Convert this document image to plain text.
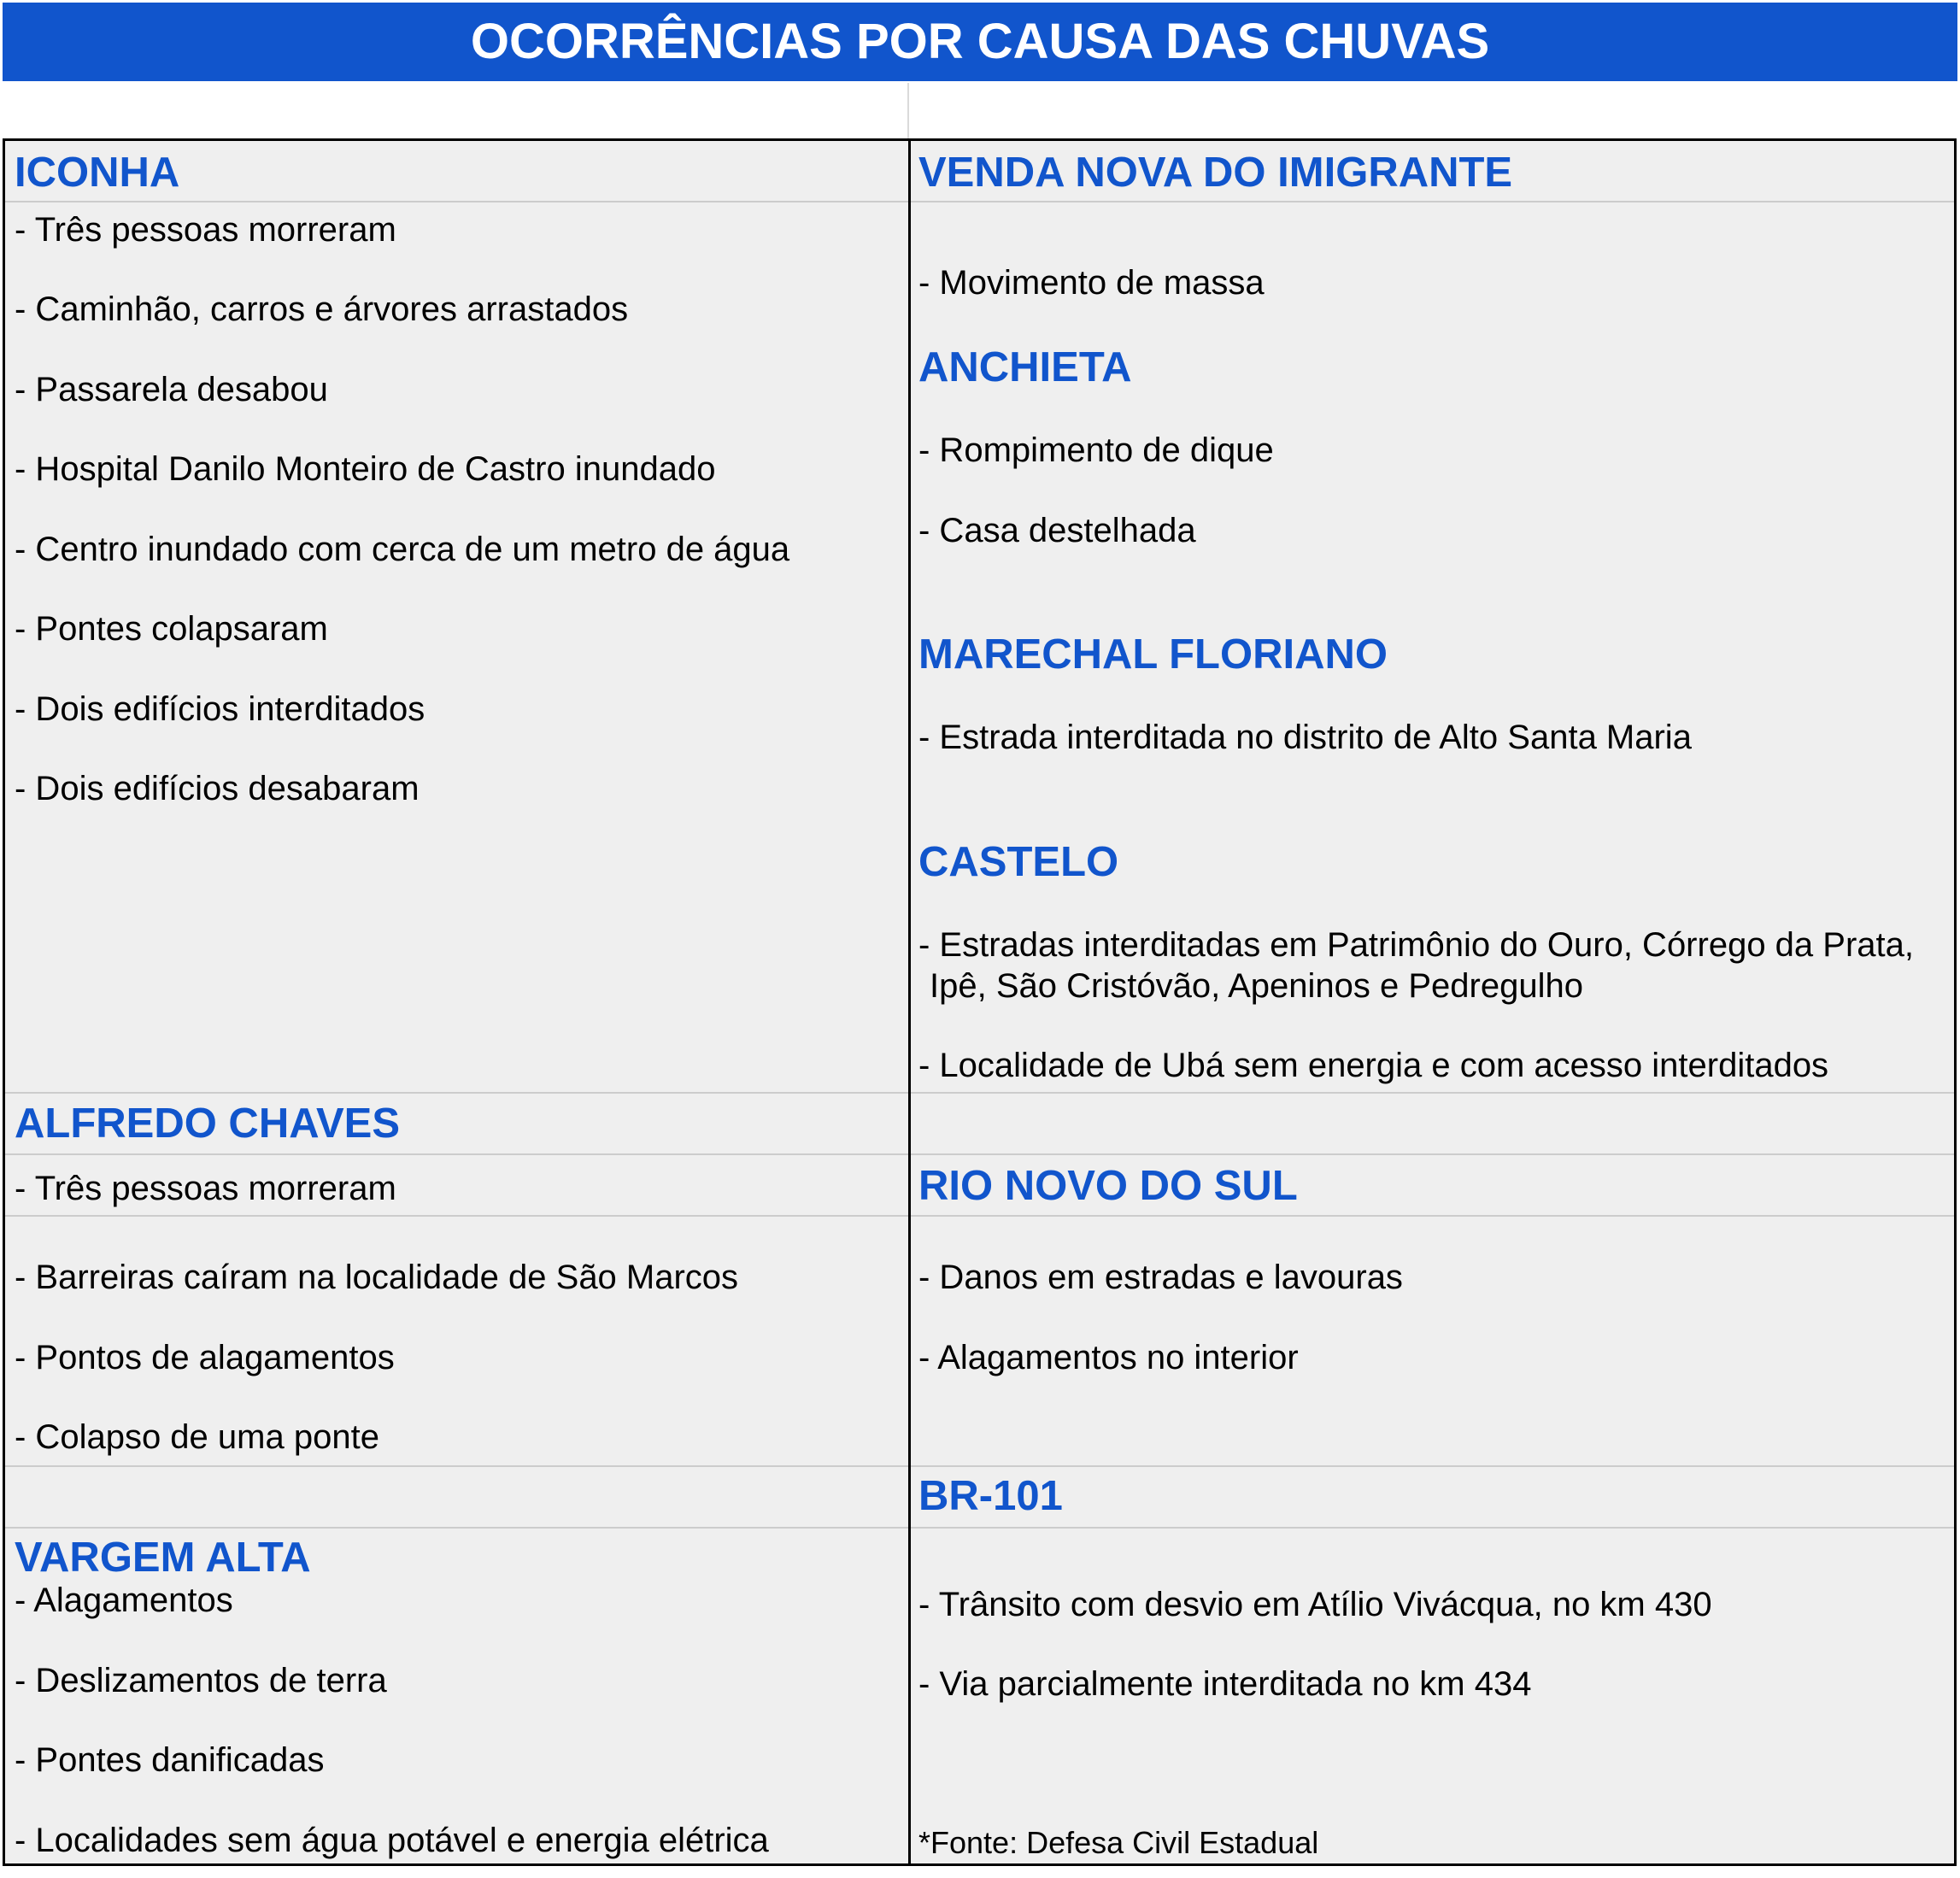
OCORRÊNCIAS POR CAUSA DAS CHUVAS
ICONHA
- Três pessoas morreram
- Caminhão, carros e árvores arrastados
- Passarela desabou
- Hospital Danilo Monteiro de Castro inundado
- Centro inundado com cerca de um metro de água
- Pontes colapsaram
- Dois edifícios interditados
- Dois edifícios desabaram
ALFREDO CHAVES
- Três pessoas morreram
- Barreiras caíram na localidade de São Marcos
- Pontos de alagamentos
- Colapso de uma ponte
VARGEM ALTA
- Alagamentos
- Deslizamentos de terra
- Pontes danificadas
- Localidades sem água potável e energia elétrica
VENDA NOVA DO IMIGRANTE
- Movimento de massa
ANCHIETA
- Rompimento de dique
- Casa destelhada
MARECHAL FLORIANO
- Estrada interditada no distrito de Alto Santa Maria
CASTELO
- Estradas interditadas em Patrimônio do Ouro, Córrego da Prata,
Ipê, São Cristóvão, Apeninos e Pedregulho
- Localidade de Ubá sem energia e com acesso interditados
RIO NOVO DO SUL
- Danos em estradas e lavouras
- Alagamentos no interior
BR-101
- Trânsito com desvio em Atílio Vivácqua, no km 430
- Via parcialmente interditada no km 434
*Fonte: Defesa Civil Estadual
